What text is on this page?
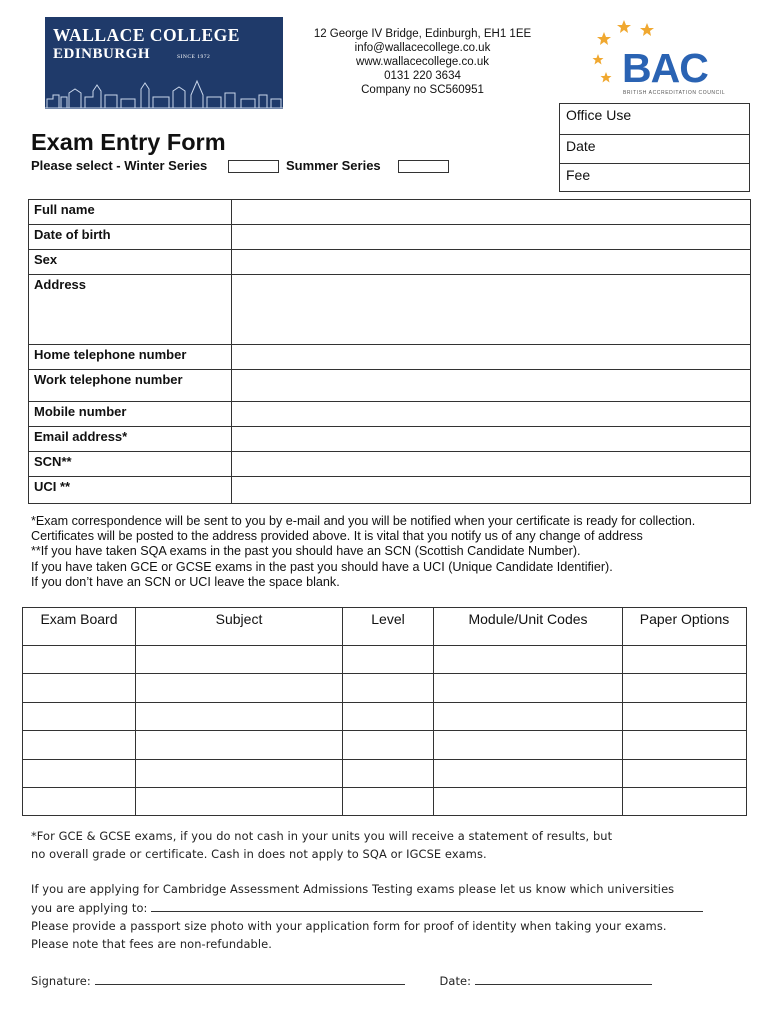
WALLACE COLLEGE
EDINBURGH	SINCE 1972
12 George IV Bridge, Edinburgh, EH1 1EE
info@wallacecollege.co.uk
www.wallacecollege.co.uk
0131 220 3634
Company no SC560951	BAC
BRITISH ACCREDITATION COUNCIL
Office Use
Date
Fee
Exam Entry Form
Please select - Winter Series	Summer Series
Full name	
Date of birth	
Sex	
Address	
Home telephone number	
Work telephone number	
Mobile number	
Email address*	
SCN**	
UCI **	

*Exam correspondence will be sent to you by e-mail and you will be notified when your certificate is ready for collection. Certificates will be posted to the address provided above. It is vital that you notify us of any change of address

**If you have taken SQA exams in the past you should have an SCN (Scottish Candidate Number).

If you have taken GCE or GCSE exams in the past you should have a UCI (Unique Candidate Identifier).

If you don’t have an SCN or UCI leave the space blank.

Exam Board	Subject	Level	Module/Unit Codes	Paper Options

*For GCE & GCSE exams, if you do not cash in your units you will receive a statement of results, but

no overall grade or certificate. Cash in does not apply to SQA or IGCSE exams.

If you are applying for Cambridge Assessment Admissions Testing exams please let us know which universities

you are applying to:

Please provide a passport size photo with your application form for proof of identity when taking your exams.

Please note that fees are non-refundable.

Signature:	Date:
